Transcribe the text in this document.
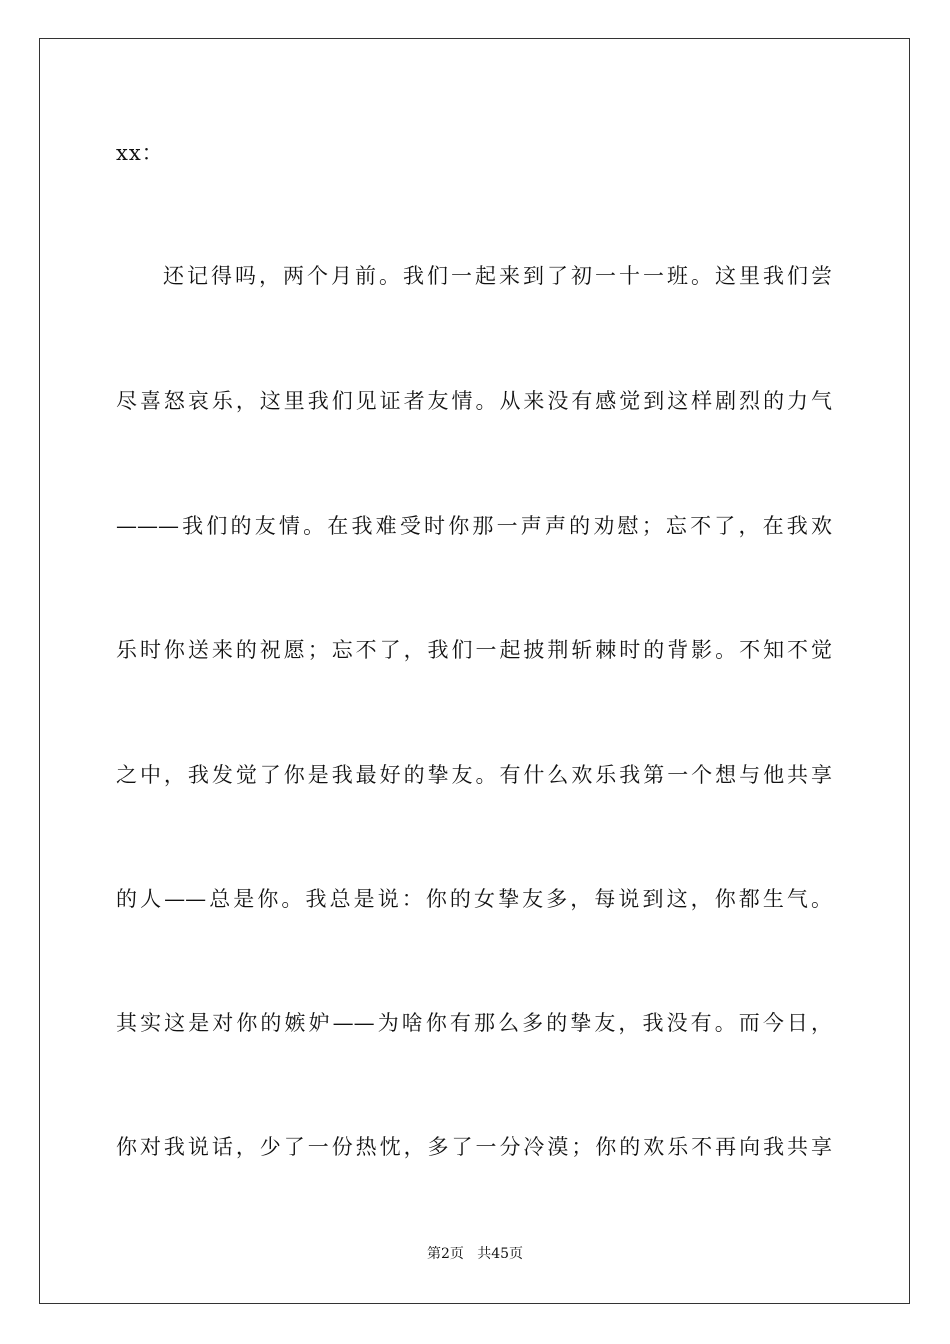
xx：
还记得吗，两个月前。我们一起来到了初一十一班。这里我们尝
尽喜怒哀乐，这里我们见证者友情。从来没有感觉到这样剧烈的力气
———我们的友情。在我难受时你那一声声的劝慰；忘不了，在我欢
乐时你送来的祝愿；忘不了，我们一起披荆斩棘时的背影。不知不觉
之中，我发觉了你是我最好的挚友。有什么欢乐我第一个想与他共享
的人——总是你。我总是说：你的女挚友多，每说到这，你都生气。
其实这是对你的嫉妒——为啥你有那么多的挚友，我没有。而今日，
你对我说话，少了一份热忱，多了一分冷漠；你的欢乐不再向我共享
第2页   共45页
